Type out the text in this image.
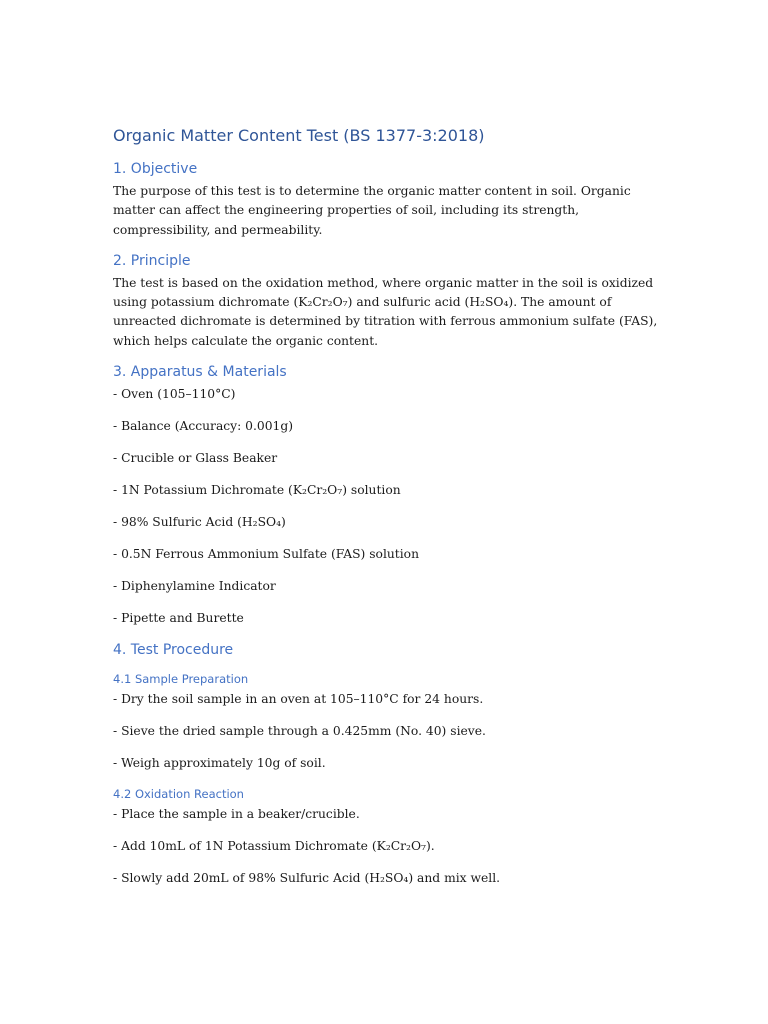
Organic Matter Content Test (BS 1377-3:2018)
1. Objective
The purpose of this test is to determine the organic matter content in soil. Organic matter can affect the engineering properties of soil, including its strength, compressibility, and permeability.
2. Principle
The test is based on the oxidation method, where organic matter in the soil is oxidized using potassium dichromate (K₂Cr₂O₇) and sulfuric acid (H₂SO₄). The amount of unreacted dichromate is determined by titration with ferrous ammonium sulfate (FAS), which helps calculate the organic content.
3. Apparatus & Materials
- Oven (105–110°C)
- Balance (Accuracy: 0.001g)
- Crucible or Glass Beaker
- 1N Potassium Dichromate (K₂Cr₂O₇) solution
- 98% Sulfuric Acid (H₂SO₄)
- 0.5N Ferrous Ammonium Sulfate (FAS) solution
- Diphenylamine Indicator
- Pipette and Burette
4. Test Procedure
4.1 Sample Preparation
- Dry the soil sample in an oven at 105–110°C for 24 hours.
- Sieve the dried sample through a 0.425mm (No. 40) sieve.
- Weigh approximately 10g of soil.
4.2 Oxidation Reaction
- Place the sample in a beaker/crucible.
- Add 10mL of 1N Potassium Dichromate (K₂Cr₂O₇).
- Slowly add 20mL of 98% Sulfuric Acid (H₂SO₄) and mix well.
